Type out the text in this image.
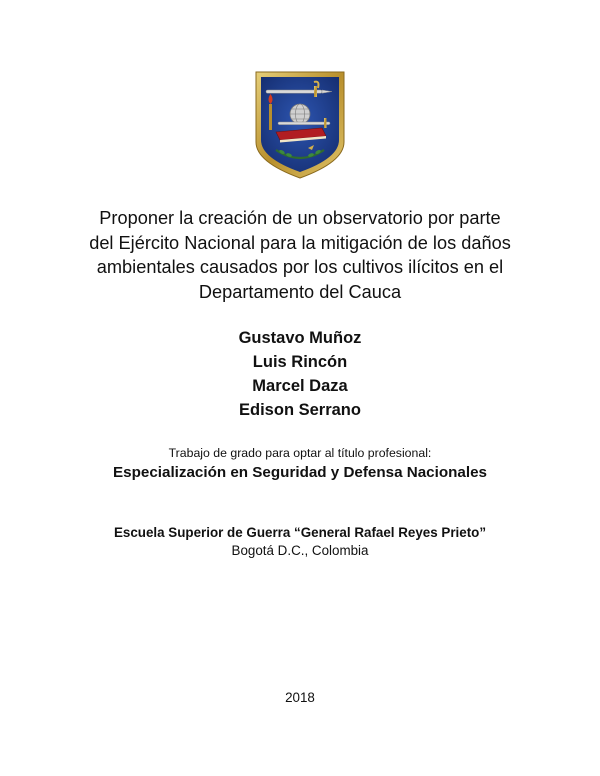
Proponer la creación de un observatorio por parte
del Ejército Nacional para la mitigación de los daños
ambientales causados por los cultivos ilícitos en el
Departamento del Cauca
Gustavo Muñoz
Luis Rincón
Marcel Daza
Edison Serrano
Trabajo de grado para optar al título profesional:
Especialización en Seguridad y Defensa Nacionales
Escuela Superior de Guerra “General Rafael Reyes Prieto”
Bogotá D.C., Colombia
2018
